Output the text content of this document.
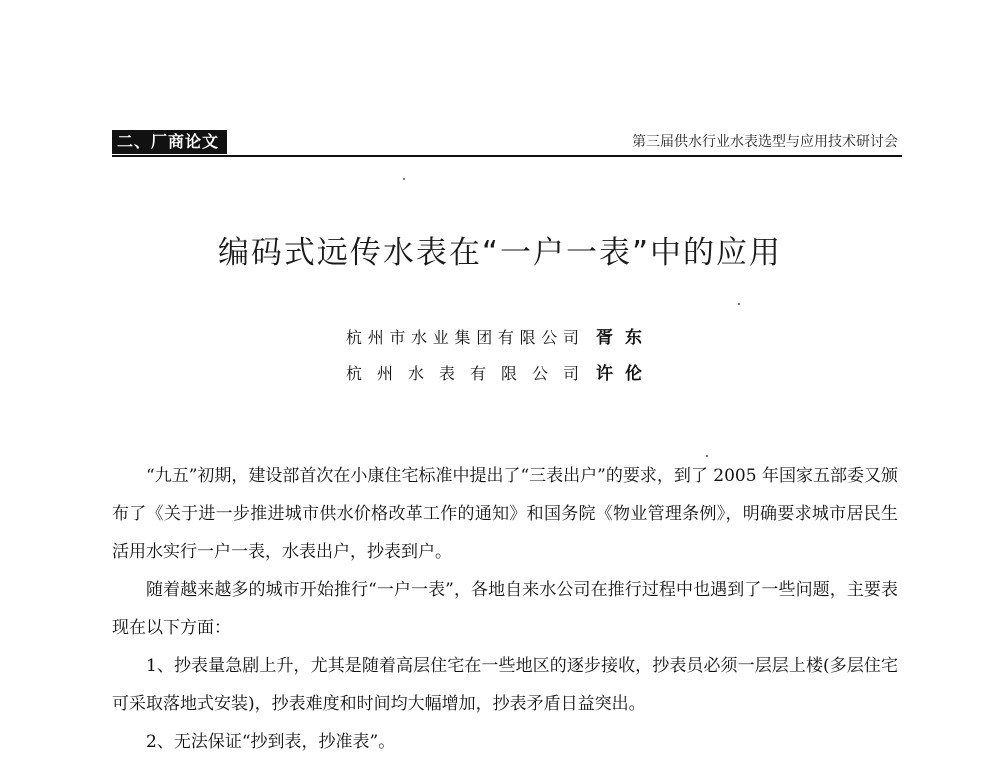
二、厂商论文	第三届供水行业水表选型与应用技术研讨会
编码式远传水表在“一户一表”中的应用
杭州市水业集团有限公司 胥东
杭州水表有限公司 许伦

“九五”初期，建设部首次在小康住宅标准中提出了“三表出户”的要求，到了 2005 年国家五部委又颁布了《关于进一步推进城市供水价格改革工作的通知》和国务院《物业管理条例》，明确要求城市居民生活用水实行一户一表，水表出户，抄表到户。

随着越来越多的城市开始推行“一户一表”，各地自来水公司在推行过程中也遇到了一些问题，主要表现在以下方面：

1、抄表量急剧上升，尤其是随着高层住宅在一些地区的逐步接收，抄表员必须一层层上楼(多层住宅可采取落地式安装)，抄表难度和时间均大幅增加，抄表矛盾日益突出。

2、无法保证“抄到表，抄准表”。
